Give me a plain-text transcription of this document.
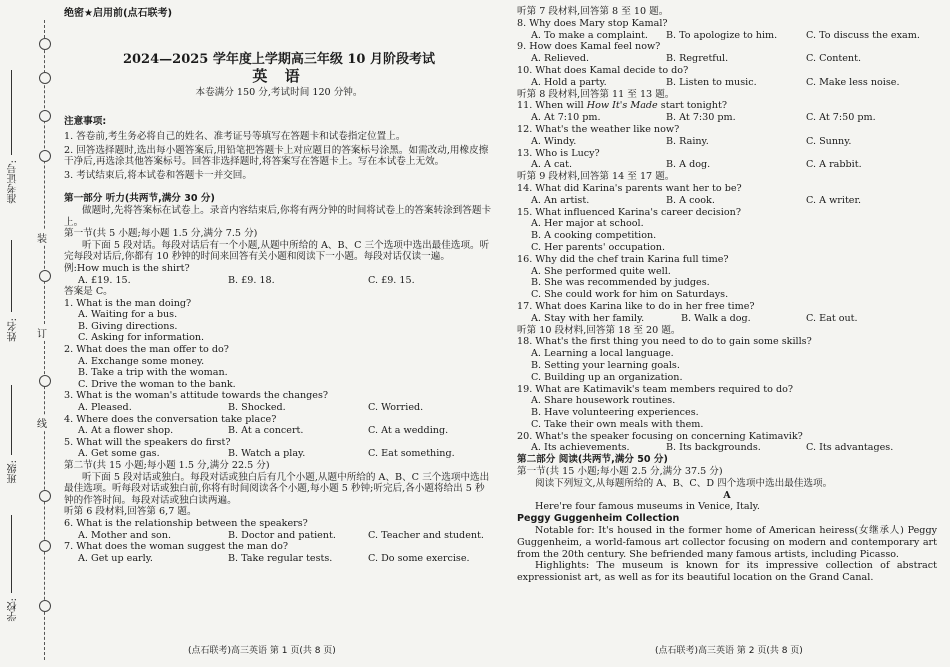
装
订
线
准考证号:
姓名:
班级:
学校:
绝密★启用前(点石联考)
2024—2025 学年度上学期高三年级 10 月阶段考试
英 语
本卷满分 150 分,考试时间 120 分钟。
注意事项:

1. 答卷前,考生务必将自己的姓名、准考证号等填写在答题卡和试卷指定位置上。

2. 回答选择题时,选出每小题答案后,用铅笔把答题卡上对应题目的答案标号涂黑。如需改动,用橡皮擦干净后,再选涂其他答案标号。回答非选择题时,将答案写在答题卡上。写在本试卷上无效。

3. 考试结束后,将本试卷和答题卡一并交回。

第一部分 听力(共两节,满分 30 分)

做题时,先将答案标在试卷上。录音内容结束后,你将有两分钟的时间将试卷上的答案转涂到答题卡上。

第一节(共 5 小题;每小题 1.5 分,满分 7.5 分)

听下面 5 段对话。每段对话后有一个小题,从题中所给的 A、B、C 三个选项中选出最佳选项。听完每段对话后,你都有 10 秒钟的时间来回答有关小题和阅读下一小题。每段对话仅读一遍。

例:How much is the shirt?

A. £19. 15.	B. £9. 18.	C. £9. 15.

答案是 C。

1. What is the man doing?

A. Waiting for a bus.

B. Giving directions.

C. Asking for information.

2. What does the man offer to do?

A. Exchange some money.

B. Take a trip with the woman.

C. Drive the woman to the bank.

3. What is the woman's attitude towards the changes?

A. Pleased.	B. Shocked.	C. Worried.

4. Where does the conversation take place?

A. At a flower shop.	B. At a concert.	C. At a wedding.

5. What will the speakers do first?

A. Get some gas.	B. Watch a play.	C. Eat something.

第二节(共 15 小题;每小题 1.5 分,满分 22.5 分)

听下面 5 段对话或独白。每段对话或独白后有几个小题,从题中所给的 A、B、C 三个选项中选出最佳选项。听每段对话或独白前,你将有时间阅读各个小题,每小题 5 秒钟;听完后,各小题将给出 5 秒钟的作答时间。每段对话或独白读两遍。

听第 6 段材料,回答第 6,7 题。

6. What is the relationship between the speakers?

A. Mother and son.	B. Doctor and patient.	C. Teacher and student.

7. What does the woman suggest the man do?

A. Get up early.	B. Take regular tests.	C. Do some exercise.
(点石联考)高三英语 第 1 页(共 8 页)

听第 7 段材料,回答第 8 至 10 题。

8. Why does Mary stop Kamal?

A. To make a complaint.	B. To apologize to him.	C. To discuss the exam.

9. How does Kamal feel now?

A. Relieved.	B. Regretful.	C. Content.

10. What does Kamal decide to do?

A. Hold a party.	B. Listen to music.	C. Make less noise.

听第 8 段材料,回答第 11 至 13 题。

11. When will How It's Made start tonight?

A. At 7:10 pm.	B. At 7:30 pm.	C. At 7:50 pm.

12. What's the weather like now?

A. Windy.	B. Rainy.	C. Sunny.

13. Who is Lucy?

A. A cat.	B. A dog.	C. A rabbit.

听第 9 段材料,回答第 14 至 17 题。

14. What did Karina's parents want her to be?

A. An artist.	B. A cook.	C. A writer.

15. What influenced Karina's career decision?

A. Her major at school.

B. A cooking competition.

C. Her parents' occupation.

16. Why did the chef train Karina full time?

A. She performed quite well.

B. She was recommended by judges.

C. She could work for him on Saturdays.

17. What does Karina like to do in her free time?

A. Stay with her family.	B. Walk a dog.	C. Eat out.

听第 10 段材料,回答第 18 至 20 题。

18. What's the first thing you need to do to gain some skills?

A. Learning a local language.

B. Setting your learning goals.

C. Building up an organization.

19. What are Katimavik's team members required to do?

A. Share housework routines.

B. Have volunteering experiences.

C. Take their own meals with them.

20. What's the speaker focusing on concerning Katimavik?

A. Its achievements.	B. Its backgrounds.	C. Its advantages.

第二部分 阅读(共两节,满分 50 分)

第一节(共 15 小题;每小题 2.5 分,满分 37.5 分)

阅读下列短文,从每题所给的 A、B、C、D 四个选项中选出最佳选项。

A

Here're four famous museums in Venice, Italy.

Peggy Guggenheim Collection

Notable for: It's housed in the former home of American heiress(女继承人) Peggy Guggenheim, a world-famous art collector focusing on modern and contemporary art from the 20th century. She befriended many famous artists, including Picasso.

Highlights: The museum is known for its impressive collection of abstract expressionist art, as well as for its beautiful location on the Grand Canal.

(点石联考)高三英语 第 2 页(共 8 页)
